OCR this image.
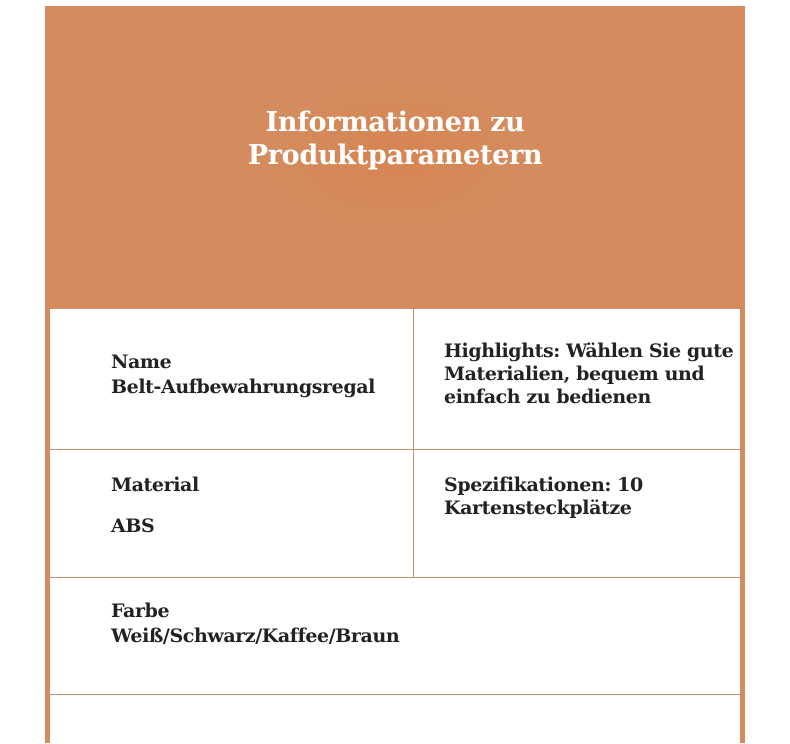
Informationen zu
Produktparametern
Name
Belt-Aufbewahrungsregal
Highlights: Wählen Sie gute Materialien, bequem und einfach zu bedienen
Material
ABS
Spezifikationen: 10 Kartensteckplätze
Farbe
Weiß/Schwarz/Kaffee/Braun
